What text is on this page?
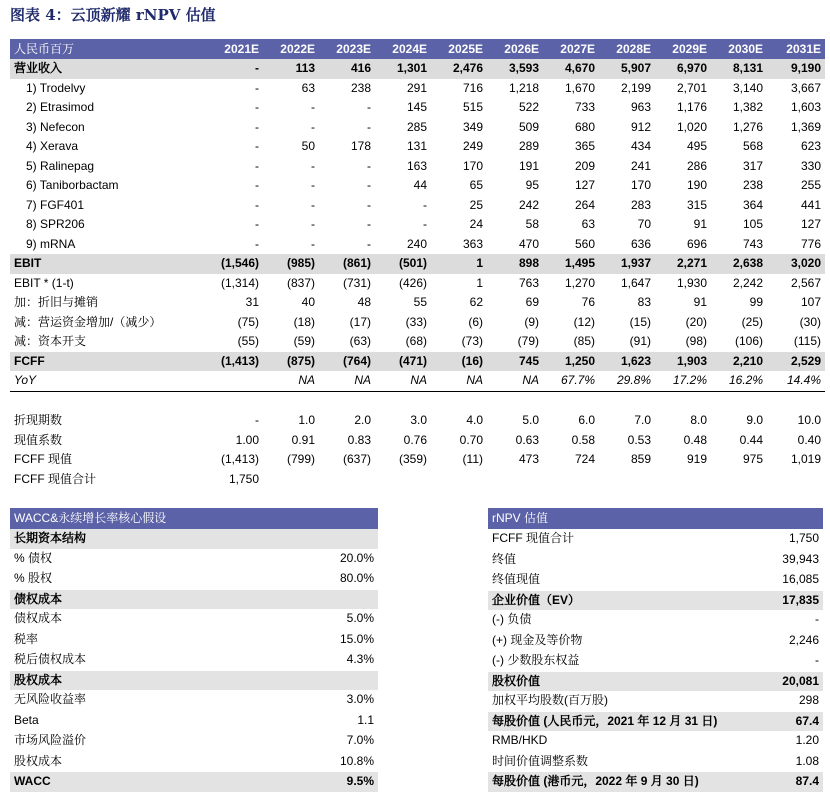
图表 4：云顶新耀 rNPV 估值
人民币百万	2021E	2022E	2023E	2024E	2025E	2026E	2027E	2028E	2029E	2030E	2031E
营业收入	-	113	416	1,301	2,476	3,593	4,670	5,907	6,970	8,131	9,190
1) Trodelvy	-	63	238	291	716	1,218	1,670	2,199	2,701	3,140	3,667
2) Etrasimod	-	-	-	145	515	522	733	963	1,176	1,382	1,603
3) Nefecon	-	-	-	285	349	509	680	912	1,020	1,276	1,369
4) Xerava	-	50	178	131	249	289	365	434	495	568	623
5) Ralinepag	-	-	-	163	170	191	209	241	286	317	330
6) Taniborbactam	-	-	-	44	65	95	127	170	190	238	255
7) FGF401	-	-	-	-	25	242	264	283	315	364	441
8) SPR206	-	-	-	-	24	58	63	70	91	105	127
9) mRNA	-	-	-	240	363	470	560	636	696	743	776
EBIT	(1,546)	(985)	(861)	(501)	1	898	1,495	1,937	2,271	2,638	3,020
EBIT * (1-t)	(1,314)	(837)	(731)	(426)	1	763	1,270	1,647	1,930	2,242	2,567
加：折旧与摊销	31	40	48	55	62	69	76	83	91	99	107
减：营运资金增加/（减少）	(75)	(18)	(17)	(33)	(6)	(9)	(12)	(15)	(20)	(25)	(30)
减：资本开支	(55)	(59)	(63)	(68)	(73)	(79)	(85)	(91)	(98)	(106)	(115)
FCFF	(1,413)	(875)	(764)	(471)	(16)	745	1,250	1,623	1,903	2,210	2,529
YoY		NA	NA	NA	NA	NA	67.7%	29.8%	17.2%	16.2%	14.4%

折现期数	-	1.0	2.0	3.0	4.0	5.0	6.0	7.0	8.0	9.0	10.0
现值系数	1.00	0.91	0.83	0.76	0.70	0.63	0.58	0.53	0.48	0.44	0.40
FCFF 现值	(1,413)	(799)	(637)	(359)	(11)	473	724	859	919	975	1,019
FCFF 现值合计	1,750										
WACC&永续增长率核心假设	
长期资本结构	
% 债权	20.0%
% 股权	80.0%
债权成本	
债权成本	5.0%
税率	15.0%
税后债权成本	4.3%
股权成本	
无风险收益率	3.0%
Beta	1.1
市场风险溢价	7.0%
股权成本	10.8%
WACC	9.5%
rNPV 估值	
FCFF 现值合计	1,750
终值	39,943
终值现值	16,085
企业价值（EV）	17,835
(-) 负债	-
(+) 现金及等价物	2,246
(-) 少数股东权益	-
股权价值	20,081
加权平均股数(百万股)	298
每股价值 (人民币元，2021 年 12 月 31 日)	67.4
RMB/HKD	1.20
时间价值调整系数	1.08
每股价值 (港币元，2022 年 9 月 30 日)	87.4
